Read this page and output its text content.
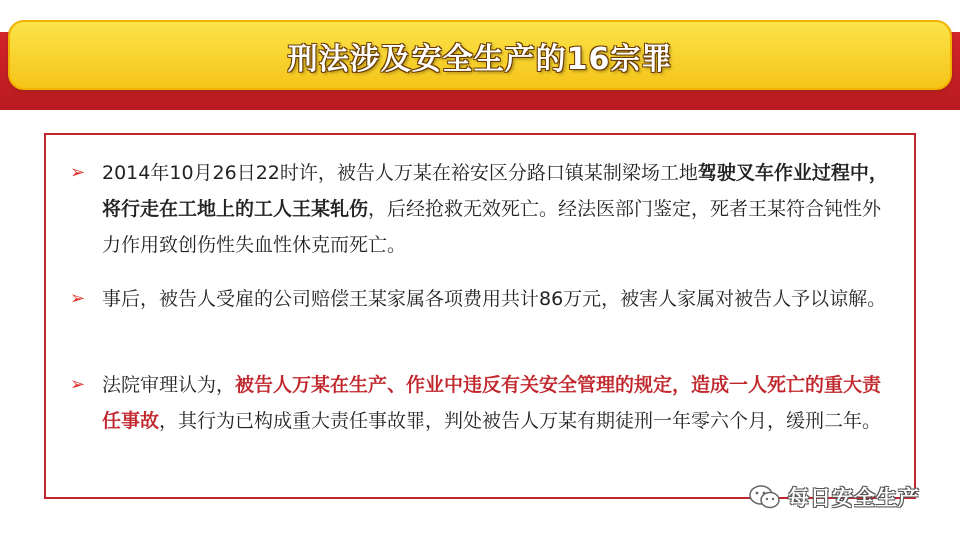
刑法涉及安全生产的16宗罪
➢ 2014年10月26日22时许，被告人万某在裕安区分路口镇某制梁场工地驾驶叉车作业过程中，将行走在工地上的工人王某轧伤，后经抢救无效死亡。经法医部门鉴定，死者王某符合钝性外力作用致创伤性失血性休克而死亡。
➢ 事后，被告人受雇的公司赔偿王某家属各项费用共计86万元，被害人家属对被告人予以谅解。
➢ 法院审理认为，被告人万某在生产、作业中违反有关安全管理的规定，造成一人死亡的重大责任事故，其行为已构成重大责任事故罪，判处被告人万某有期徒刑一年零六个月，缓刑二年。
每日安全生产
